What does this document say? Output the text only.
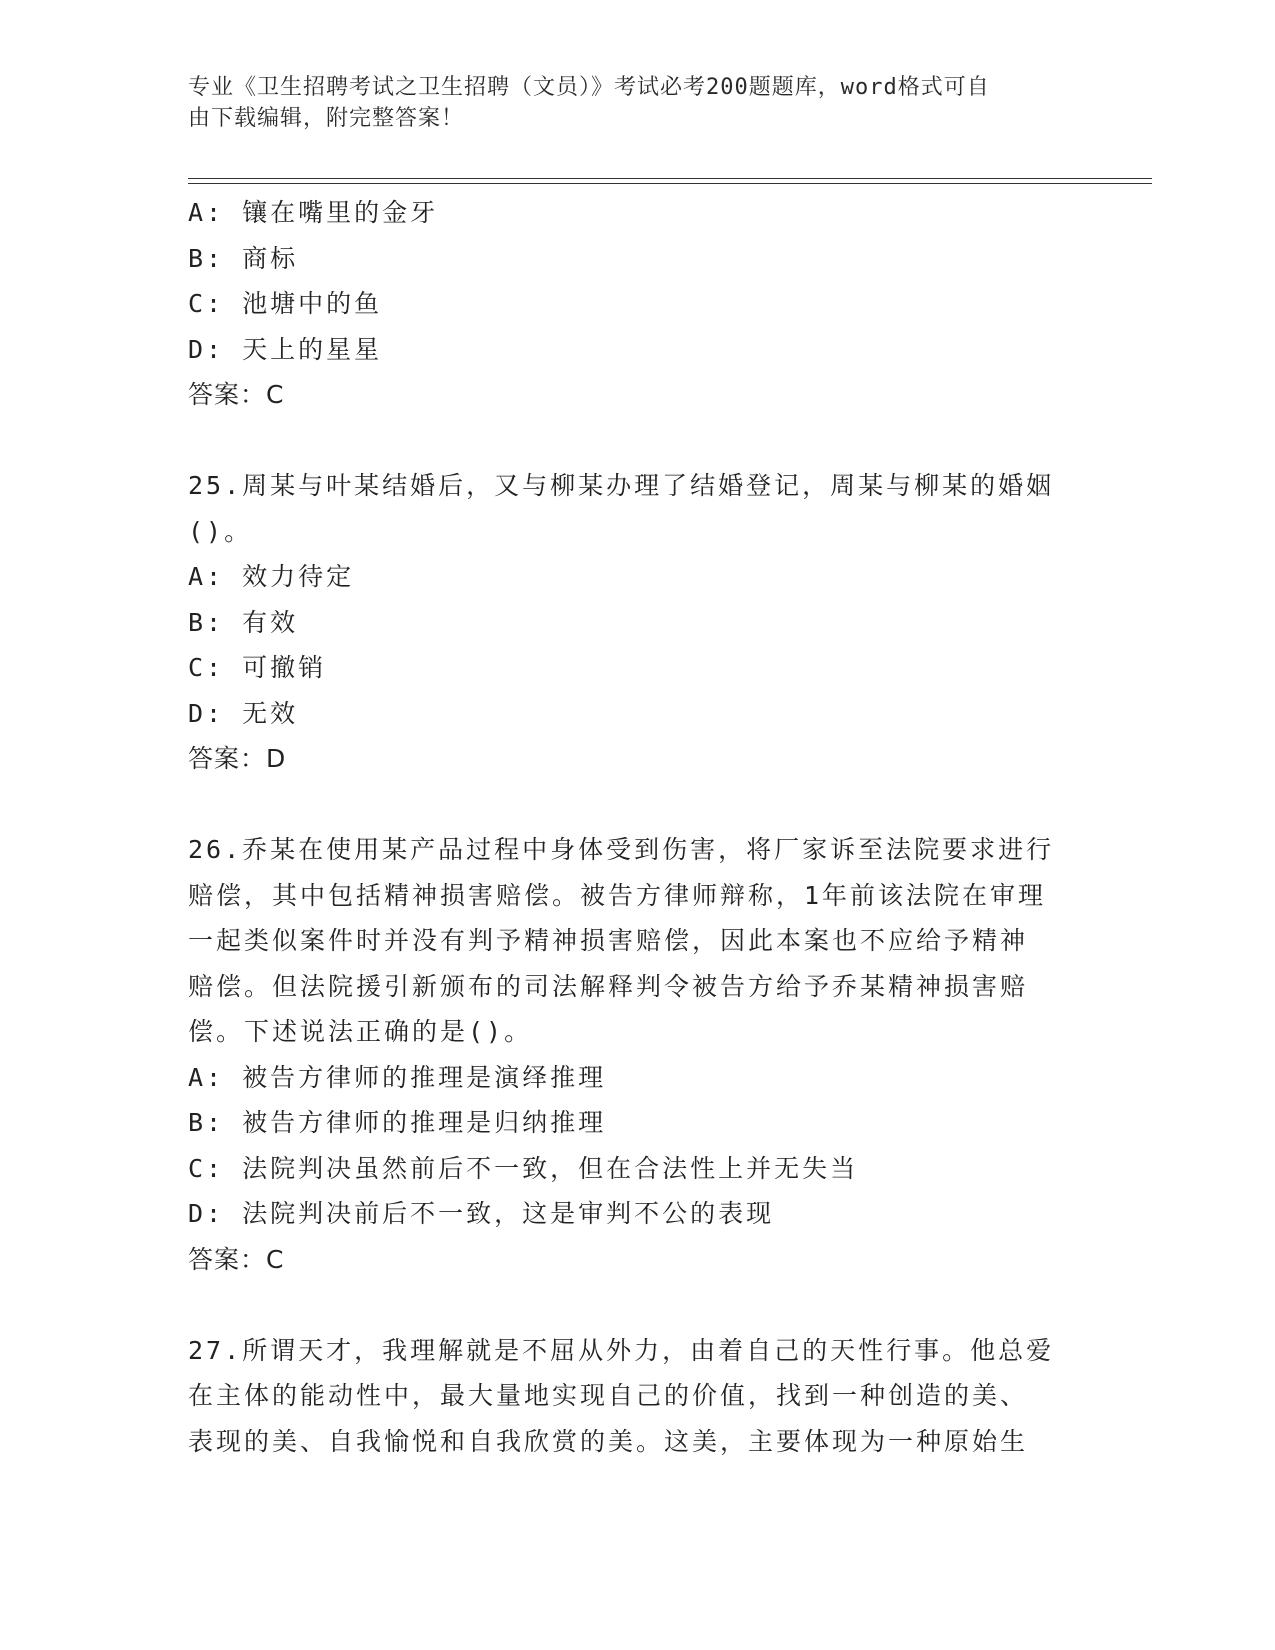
专业《卫生招聘考试之卫生招聘（文员）》考试必考200题题库，word格式可自
由下载编辑，附完整答案！
A: 镶在嘴里的金牙
B: 商标
C: 池塘中的鱼
D: 天上的星星
答案：C
25.周某与叶某结婚后，又与柳某办理了结婚登记，周某与柳某的婚姻
()。
A: 效力待定
B: 有效
C: 可撤销
D: 无效
答案：D
26.乔某在使用某产品过程中身体受到伤害，将厂家诉至法院要求进行
赔偿，其中包括精神损害赔偿。被告方律师辩称，1年前该法院在审理
一起类似案件时并没有判予精神损害赔偿，因此本案也不应给予精神
赔偿。但法院援引新颁布的司法解释判令被告方给予乔某精神损害赔
偿。下述说法正确的是()。
A: 被告方律师的推理是演绎推理
B: 被告方律师的推理是归纳推理
C: 法院判决虽然前后不一致，但在合法性上并无失当
D: 法院判决前后不一致，这是审判不公的表现
答案：C
27.所谓天才，我理解就是不屈从外力，由着自己的天性行事。他总爱
在主体的能动性中，最大量地实现自己的价值，找到一种创造的美、
表现的美、自我愉悦和自我欣赏的美。这美，主要体现为一种原始生
